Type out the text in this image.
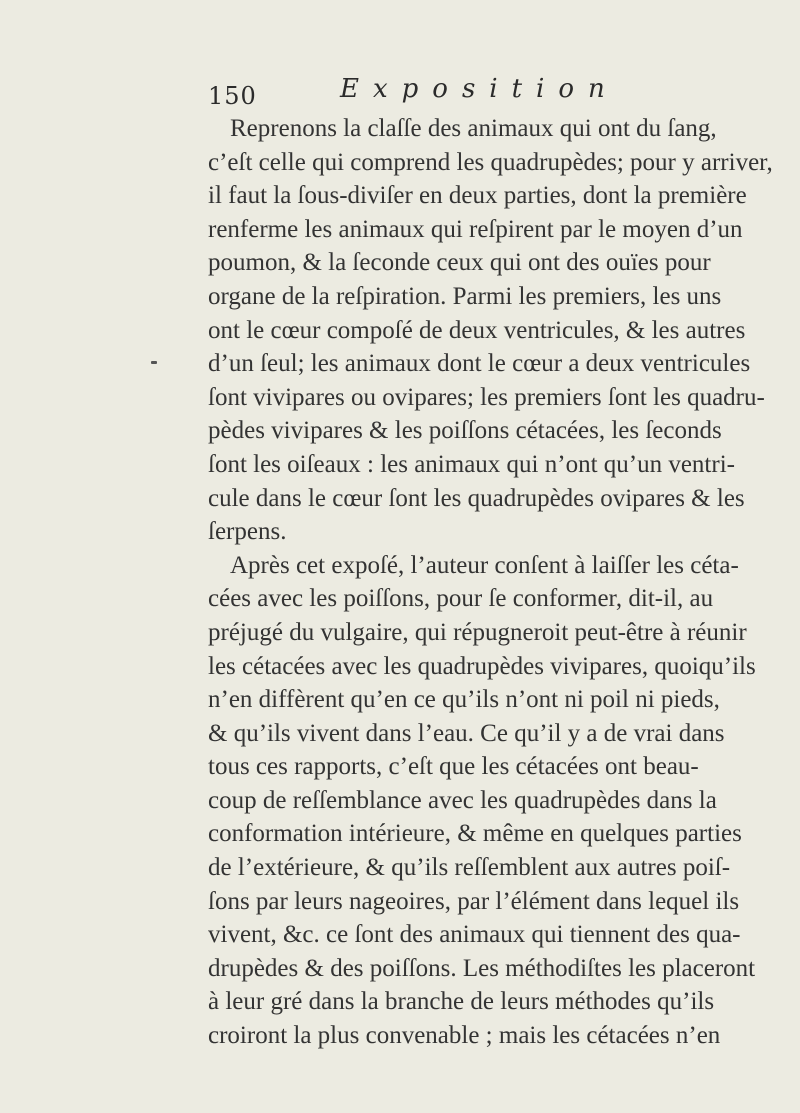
150	Exposition
Reprenons la claſſe des animaux qui ont du ſang,
c’eſt celle qui comprend les quadrupèdes; pour y arriver,
il faut la ſous-diviſer en deux parties, dont la première
renferme les animaux qui reſpirent par le moyen d’un
poumon, & la ſeconde ceux qui ont des ouïes pour
organe de la reſpiration. Parmi les premiers, les uns
ont le cœur compoſé de deux ventricules, & les autres
d’un ſeul; les animaux dont le cœur a deux ventricules
ſont vivipares ou ovipares; les premiers ſont les quadru-
pèdes vivipares & les poiſſons cétacées, les ſeconds
ſont les oiſeaux : les animaux qui n’ont qu’un ventri-
cule dans le cœur ſont les quadrupèdes ovipares & les
ſerpens.
Après cet expoſé, l’auteur conſent à laiſſer les céta-
cées avec les poiſſons, pour ſe conformer, dit-il, au
préjugé du vulgaire, qui répugneroit peut-être à réunir
les cétacées avec les quadrupèdes vivipares, quoiqu’ils
n’en diffèrent qu’en ce qu’ils n’ont ni poil ni pieds,
& qu’ils vivent dans l’eau. Ce qu’il y a de vrai dans
tous ces rapports, c’eſt que les cétacées ont beau-
coup de reſſemblance avec les quadrupèdes dans la
conformation intérieure, & même en quelques parties
de l’extérieure, & qu’ils reſſemblent aux autres poiſ-
ſons par leurs nageoires, par l’élément dans lequel ils
vivent, &c. ce ſont des animaux qui tiennent des qua-
drupèdes & des poiſſons. Les méthodiſtes les placeront
à leur gré dans la branche de leurs méthodes qu’ils
croiront la plus convenable ; mais les cétacées n’en
